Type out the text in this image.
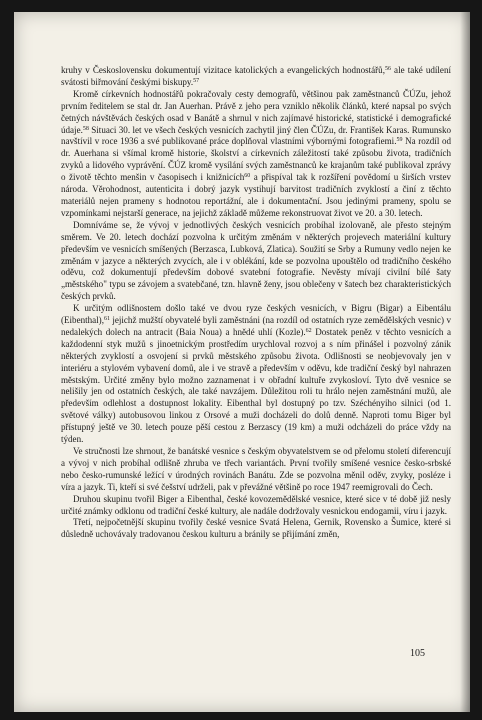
kruhy v Československu dokumentují vizitace katolických a evangelických hodnostářů,$^{56}$ ale také udílení svátosti biřmování českými biskupy.$^{57}$

Kromě církevních hodnostářů pokračovaly cesty demografů, většinou pak zaměstnanců ČÚZu, jehož prvním ředitelem se stal dr. Jan Auerhan. Právě z jeho pera vzniklo několik článků, které napsal po svých četných návštěvách českých osad v Banátě a shrnul v nich zajímavé historické, statistické i demografické údaje.$^{58}$ Situaci 30. let ve všech českých vesnicích zachytil jiný člen ČÚZu, dr. František Karas. Rumunsko navštívil v roce 1936 a své publikované práce doplňoval vlastními výbornými fotografiemi.$^{59}$ Na rozdíl od dr. Auerhana si všímal kromě historie, školství a církevních záležitostí také způsobu života, tradičních zvyků a lidového vyprávění. ČÚZ kromě vysílání svých zaměstnanců ke krajanům také publikoval zprávy o životě těchto menšin v časopisech i knižnicích$^{60}$ a přispíval tak k rozšíření povědomí u širších vrstev národa. Věrohodnost, autenticita i dobrý jazyk vystihují barvitost tradičních zvyklostí a činí z těchto materiálů nejen prameny s hodnotou reportážní, ale i dokumentační. Jsou jedinými prameny, spolu se vzpomínkami nejstarší generace, na jejichž základě můžeme rekonstruovat život ve 20. a 30. letech.

Domníváme se, že vývoj v jednotlivých českých vesnicích probíhal izolovaně, ale přesto stejným směrem. Ve 20. letech dochází pozvolna k určitým změnám v některých projevech materiální kultury především ve vesnicích smíšených (Berzasca, Lubková, Zlatica). Soužití se Srby a Rumuny vedlo nejen ke změnám v jazyce a některých zvycích, ale i v oblékání, kde se pozvolna upouštělo od tradičního českého oděvu, což dokumentují především dobové svatební fotografie. Nevěsty mívají civilní bílé šaty „městského" typu se závojem a svatebčané, tzn. hlavně ženy, jsou oblečeny v šatech bez charakteristických českých prvků.

K určitým odlišnostem došlo také ve dvou ryze českých vesnicích, v Bigru (Bigar) a Eibentálu (Eibenthal),$^{61}$ jejichž mužští obyvatelé byli zaměstnáni (na rozdíl od ostatních ryze zemědělských vesnic) v nedalekých dolech na antracit (Baia Noua) a hnědé uhlí (Kozle).$^{62}$ Dostatek peněz v těchto vesnicích a každodenní styk mužů s jinoetnickým prostředím urychloval rozvoj a s ním přinášel i pozvolný zánik některých zvyklostí a osvojení si prvků městského způsobu života. Odlišnosti se neobjevovaly jen v interiéru a stylovém vybavení domů, ale i ve stravě a především v oděvu, kde tradiční český byl nahrazen městským. Určité změny bylo možno zaznamenat i v obřadní kultuře zvykosloví. Tyto dvě vesnice se nelišily jen od ostatních českých, ale také navzájem. Důležitou roli tu hrálo nejen zaměstnání mužů, ale především odlehlost a dostupnost lokality. Eibenthal byl dostupný po tzv. Széchényiho silnici (od 1. světové války) autobusovou linkou z Orsové a muži docházeli do dolů denně. Naproti tomu Biger byl přístupný ještě ve 30. letech pouze pěší cestou z Berzascy (19 km) a muži odcházeli do práce vždy na týden.

Ve stručnosti lze shrnout, že banátské vesnice s českým obyvatelstvem se od přelomu století diferencují a vývoj v nich probíhal odlišně zhruba ve třech variantách. První tvořily smíšené vesnice česko-srbské nebo česko-rumunské ležící v úrodných rovinách Banátu. Zde se pozvolna měnil oděv, zvyky, posléze i víra a jazyk. Ti, kteří si své češství udrželi, pak v převážné většině po roce 1947 reemigrovali do Čech.

Druhou skupinu tvořil Biger a Eibenthal, české kovozemědělské vesnice, které sice v té době již nesly určité známky odklonu od tradiční české kultury, ale nadále dodržovaly vesnickou endogamii, víru i jazyk.

Třetí, nejpočetnější skupinu tvořily české vesnice Svatá Helena, Gernik, Rovensko a Šumice, které si důsledně uchovávaly tradovanou českou kulturu a bránily se přijímání změn,

105
